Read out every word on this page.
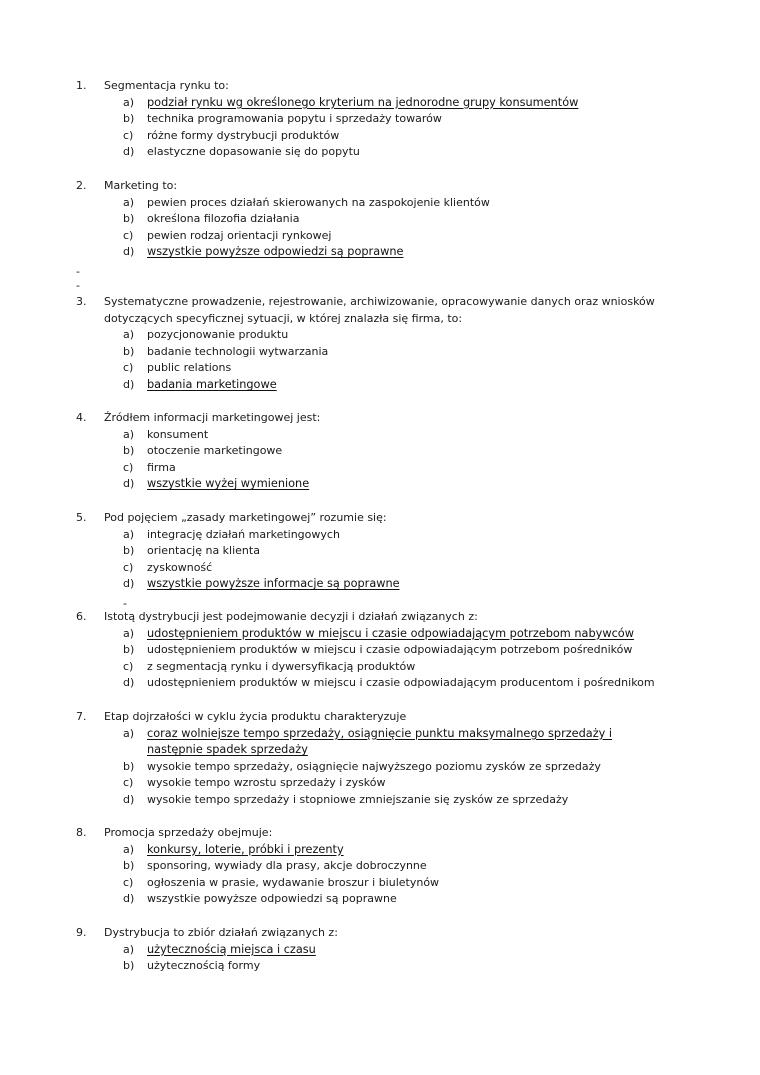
1.	Segmentacja rynku to:
a)	podział rynku wg określonego kryterium na jednorodne grupy konsumentów
b)	technika programowania popytu i sprzedaży towarów
c)	różne formy dystrybucji produktów
d)	elastyczne dopasowanie się do popytu
2.	Marketing to:
a)	pewien proces działań skierowanych na zaspokojenie klientów
b)	określona filozofia działania
c)	pewien rodzaj orientacji rynkowej
d)	wszystkie powyższe odpowiedzi są poprawne
-
-
3.	Systematyczne prowadzenie, rejestrowanie, archiwizowanie, opracowywanie danych oraz wniosków dotyczących specyficznej sytuacji, w której znalazła się firma, to:
a)	pozycjonowanie produktu
b)	badanie technologii wytwarzania
c)	public relations
d)	badania marketingowe
4.	Źródłem informacji marketingowej jest:
a)	konsument
b)	otoczenie marketingowe
c)	firma
d)	wszystkie wyżej wymienione
5.	Pod pojęciem „zasady marketingowej” rozumie się:
a)	integrację działań marketingowych
b)	orientację na klienta
c)	zyskowność
d)	wszystkie powyższe informacje są poprawne
-
6.	Istotą dystrybucji jest podejmowanie decyzji i działań związanych z:
a)	udostępnieniem produktów w miejscu i czasie odpowiadającym potrzebom nabywców
b)	udostępnieniem produktów w miejscu i czasie odpowiadającym potrzebom pośredników
c)	z segmentacją rynku i dywersyfikacją produktów
d)	udostępnieniem produktów w miejscu i czasie odpowiadającym producentom i pośrednikom
7.	Etap dojrzałości w cyklu życia produktu charakteryzuje
a)	coraz wolniejsze tempo sprzedaży, osiągnięcie punktu maksymalnego sprzedaży i następnie spadek sprzedaży
b)	wysokie tempo sprzedaży, osiągnięcie najwyższego poziomu zysków ze sprzedaży
c)	wysokie tempo wzrostu sprzedaży i zysków
d)	wysokie tempo sprzedaży i stopniowe zmniejszanie się zysków ze sprzedaży
8.	Promocja sprzedaży obejmuje:
a)	konkursy, loterie, próbki i prezenty
b)	sponsoring, wywiady dla prasy, akcje dobroczynne
c)	ogłoszenia w prasie, wydawanie broszur i biuletynów
d)	wszystkie powyższe odpowiedzi są poprawne
9.	Dystrybucja to zbiór działań związanych z:
a)	użytecznością miejsca i czasu
b)	użytecznością formy
